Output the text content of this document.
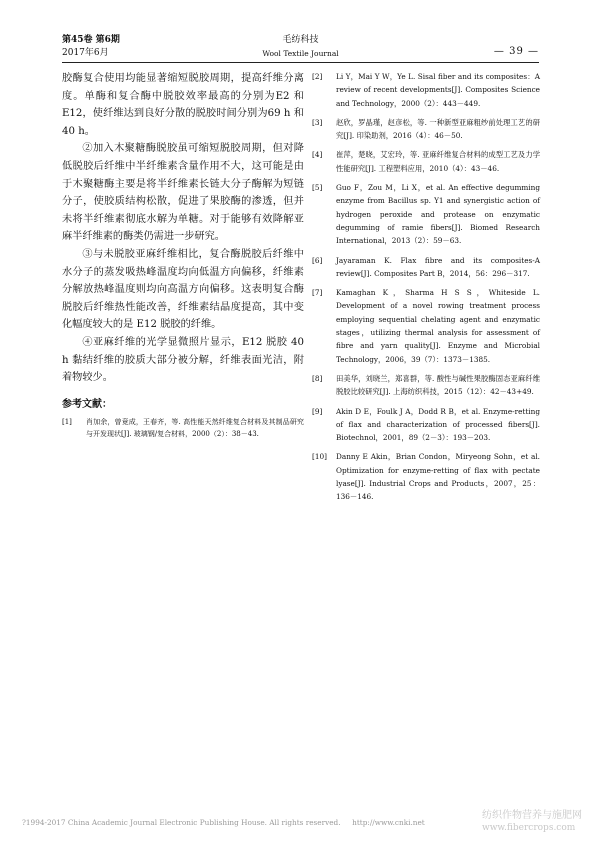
第45卷 第6期
2017年6月
毛纺科技
Wool Textile Journal	— 39 —

胶酶复合使用均能显著缩短脱胶周期，提高纤维分离度。单酶和复合酶中脱胶效率最高的分别为E2 和 E12，使纤维达到良好分散的脱胶时间分别为69 h 和 40 h。

②加入木聚糖酶脱胶虽可缩短脱胶周期，但对降低脱胶后纤维中半纤维素含量作用不大，这可能是由于木聚糖酶主要是将半纤维素长链大分子酶解为短链分子，使胶质结构松散，促进了果胶酶的渗透，但并未将半纤维素彻底水解为单糖。对于能够有效降解亚麻半纤维素的酶类仍需进一步研究。

③与未脱胶亚麻纤维相比，复合酶脱胶后纤维中水分子的蒸发吸热峰温度均向低温方向偏移，纤维素分解放热峰温度则均向高温方向偏移。这表明复合酶脱胶后纤维热性能改善，纤维素结晶度提高，其中变化幅度较大的是 E12 脱胶的纤维。

④亚麻纤维的光学显微照片显示，E12 脱胶 40 h 黏结纤维的胶质大部分被分解，纤维表面光洁，附着物较少。

参考文献：
[1]	肖加余，曾竟成，王春齐，等. 高性能天然纤维复合材料及其制品研究与开发现状[J]. 玻璃钢/复合材料，2000（2）：38－43.
[2]	Li Y，Mai Y W，Ye L. Sisal fiber and its composites：A review of recent developments[J]. Composites Science and Technology，2000（2）：443－449.
[3]	赵欣，罗晶瑾，赵彦松，等. 一种新型亚麻粗纱前处理工艺的研究[J]. 印染助剂，2016（4）：46－50.
[4]	崔萍，楚晓，艾宏玲，等. 亚麻纤维复合材料的成型工艺及力学性能研究[J]. 工程塑料应用，2010（4）：43－46.
[5]	Guo F，Zou M，Li X，et al. An effective degumming enzyme from Bacillus sp. Y1 and synergistic action of hydrogen peroxide and protease on enzymatic degumming of ramie fibers[J]. Biomed Research International，2013（2）：59－63.
[6]	Jayaraman K. Flax fibre and its composites-A review[J]. Composites Part B，2014，56：296－317.
[7]	Kamaghan K，Sharma H S S，Whiteside L. Development of a novel rowing treatment process employing sequential chelating agent and enzymatic stages，utilizing thermal analysis for assessment of fibre and yarn quality[J]. Enzyme and Microbial Technology，2006，39（7）：1373－1385.
[8]	田美华，刘晓兰，郑喜群，等. 酸性与碱性果胶酶固态亚麻纤维脱胶比较研究[J]. 上海纺织科技，2015（12）：42－43+49.
[9]	Akin D E，Foulk J A，Dodd R B，et al. Enzyme-retting of flax and characterization of processed fibers[J]. Biotechnol，2001，89（2－3）：193－203.
[10]	Danny E Akin，Brian Condon，Miryeong Sohn，et al. Optimization for enzyme-retting of flax with pectate lyase[J]. Industrial Crops and Products，2007，25：136－146.
?1994-2017 China Academic Journal Electronic Publishing House. All rights reserved. http://www.cnki.net
纺织作物营养与施肥网
www.fibercrops.com
